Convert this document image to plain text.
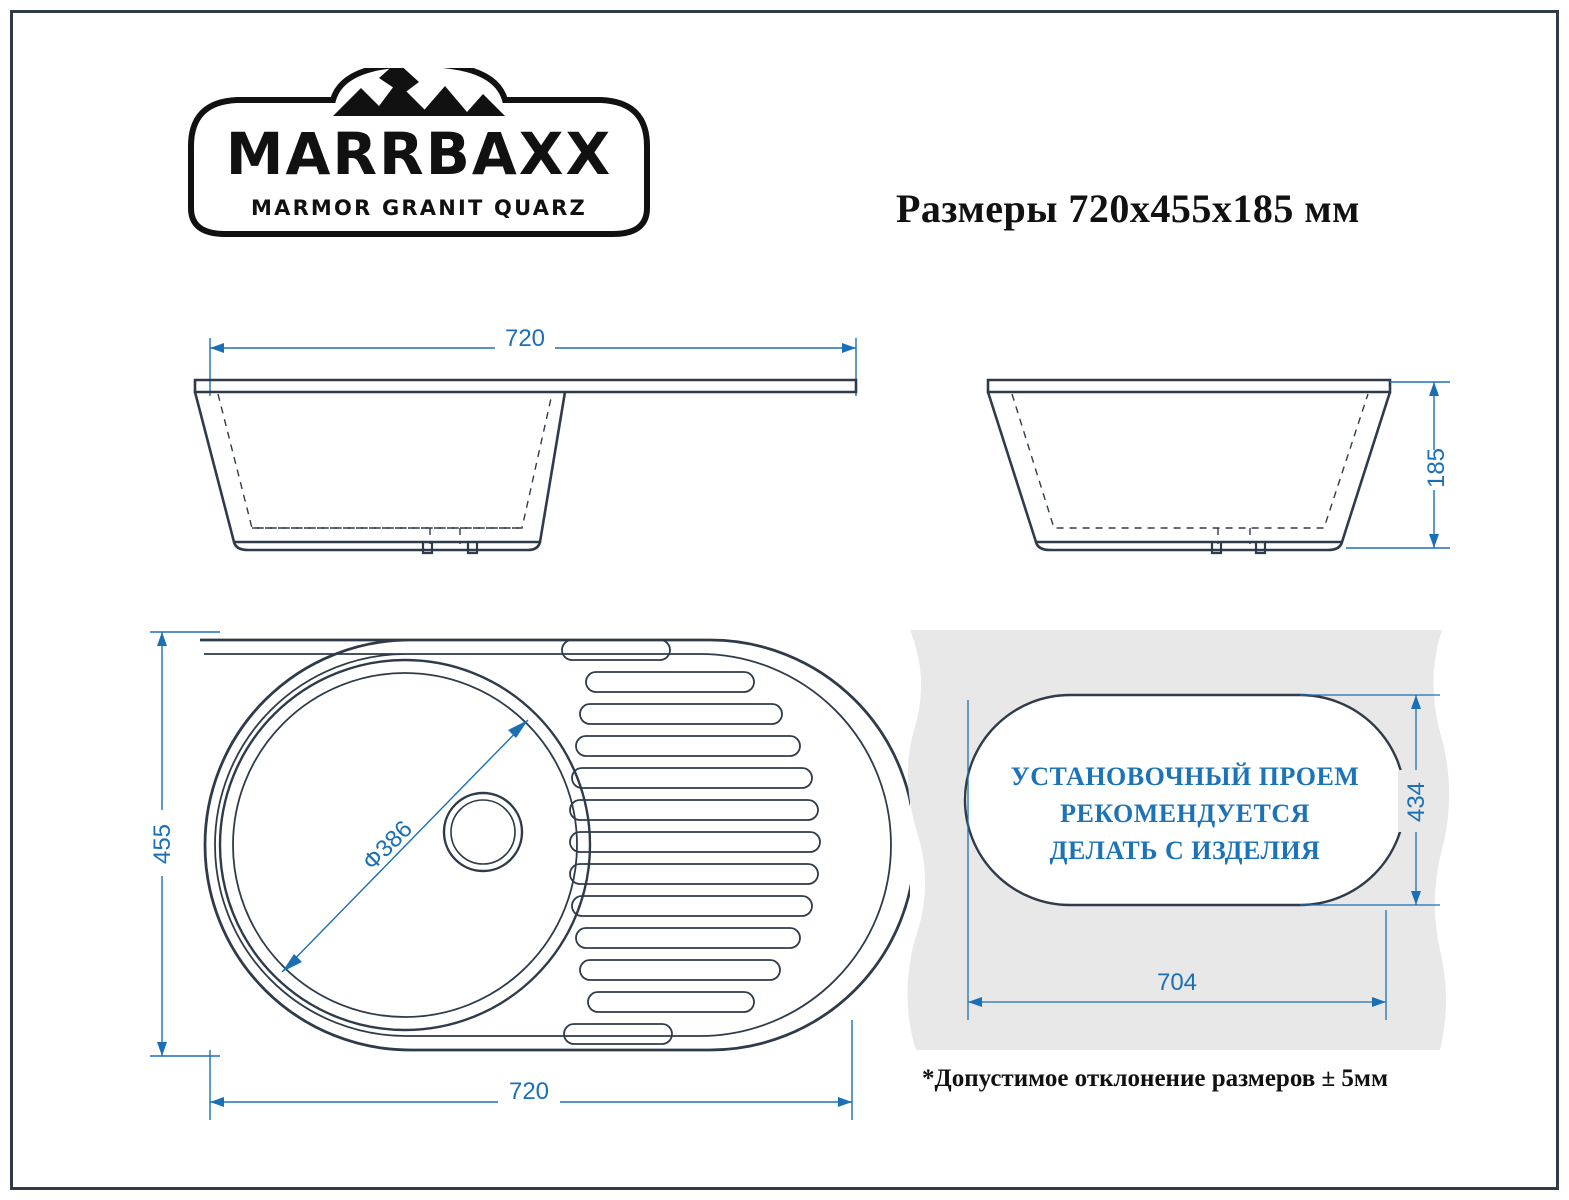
MARRBAXX
MARMOR GRANIT QUARZ	Размеры 720х455х185 мм
720
185
Ф386
455
720
УСТАНОВОЧНЫЙ ПРОЕМ
РЕКОМЕНДУЕТСЯ
ДЕЛАТЬ С ИЗДЕЛИЯ
434
704
*Допустимое отклонение размеров ± 5мм
